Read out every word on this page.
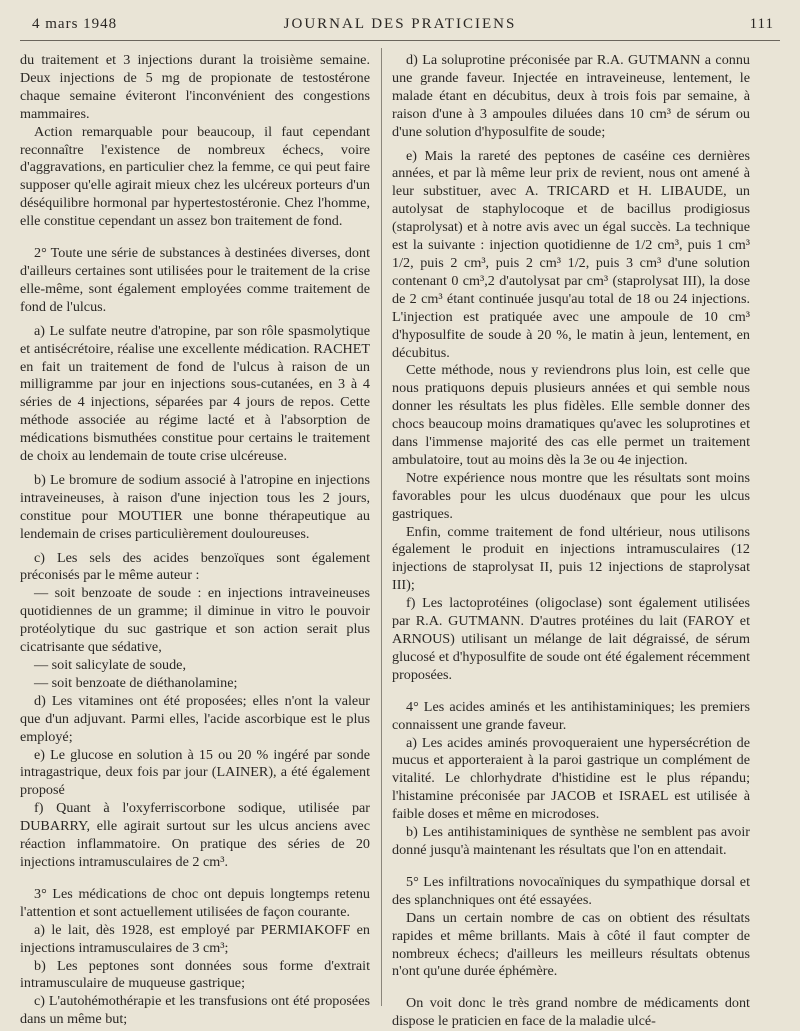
4 mars 1948	JOURNAL DES PRATICIENS	111

du traitement et 3 injections durant la troisième semaine. Deux injections de 5 mg de propionate de testostérone chaque semaine éviteront l'inconvénient des congestions mammaires.

Action remarquable pour beaucoup, il faut cependant reconnaître l'existence de nombreux échecs, voire d'aggravations, en particulier chez la femme, ce qui peut faire supposer qu'elle agirait mieux chez les ulcéreux porteurs d'un déséquilibre hormonal par hypertestostéronie. Chez l'homme, elle constitue cependant un assez bon traitement de fond.

2° Toute une série de substances à destinées diverses, dont d'ailleurs certaines sont utilisées pour le traitement de la crise elle-même, sont également employées comme traitement de fond de l'ulcus.

a) Le sulfate neutre d'atropine, par son rôle spasmolytique et antisécrétoire, réalise une excellente médication. RACHET en fait un traitement de fond de l'ulcus à raison de un milligramme par jour en injections sous-cutanées, en 3 à 4 séries de 4 injections, séparées par 4 jours de repos. Cette méthode associée au régime lacté et à l'absorption de médications bismuthées constitue pour certains le traitement de choix au lendemain de toute crise ulcéreuse.

b) Le bromure de sodium associé à l'atropine en injections intraveineuses, à raison d'une injection tous les 2 jours, constitue pour MOUTIER une bonne thérapeutique au lendemain de crises particulièrement douloureuses.

c) Les sels des acides benzoïques sont également préconisés par le même auteur :

— soit benzoate de soude : en injections intraveineuses quotidiennes de un gramme; il diminue in vitro le pouvoir protéolytique du suc gastrique et son action serait plus cicatrisante que sédative,

— soit salicylate de soude,

— soit benzoate de diéthanolamine;

d) Les vitamines ont été proposées; elles n'ont la valeur que d'un adjuvant. Parmi elles, l'acide ascorbique est le plus employé;

e) Le glucose en solution à 15 ou 20 % ingéré par sonde intragastrique, deux fois par jour (LAINER), a été également proposé

f) Quant à l'oxyferriscorbone sodique, utilisée par DUBARRY, elle agirait surtout sur les ulcus anciens avec réaction inflammatoire. On pratique des séries de 20 injections intramusculaires de 2 cm³.

3° Les médications de choc ont depuis longtemps retenu l'attention et sont actuellement utilisées de façon courante.

a) le lait, dès 1928, est employé par PERMIAKOFF en injections intramusculaires de 3 cm³;

b) Les peptones sont données sous forme d'extrait intramusculaire de muqueuse gastrique;

c) L'autohémothérapie et les transfusions ont été proposées dans un même but;

d) La soluprotine préconisée par R.A. GUTMANN a connu une grande faveur. Injectée en intraveineuse, lentement, le malade étant en décubitus, deux à trois fois par semaine, à raison d'une à 3 ampoules diluées dans 10 cm³ de sérum ou d'une solution d'hyposulfite de soude;

e) Mais la rareté des peptones de caséine ces dernières années, et par là même leur prix de revient, nous ont amené à leur substituer, avec A. TRICARD et H. LIBAUDE, un autolysat de staphylocoque et de bacillus prodigiosus (staprolysat) et à notre avis avec un égal succès. La technique est la suivante : injection quotidienne de 1/2 cm³, puis 1 cm³ 1/2, puis 2 cm³, puis 2 cm³ 1/2, puis 3 cm³ d'une solution contenant 0 cm³,2 d'autolysat par cm³ (staprolysat III), la dose de 2 cm³ étant continuée jusqu'au total de 18 ou 24 injections. L'injection est pratiquée avec une ampoule de 10 cm³ d'hyposulfite de soude à 20 %, le matin à jeun, lentement, en décubitus.

Cette méthode, nous y reviendrons plus loin, est celle que nous pratiquons depuis plusieurs années et qui semble nous donner les résultats les plus fidèles. Elle semble donner des chocs beaucoup moins dramatiques qu'avec les soluprotines et dans l'immense majorité des cas elle permet un traitement ambulatoire, tout au moins dès la 3e ou 4e injection.

Notre expérience nous montre que les résultats sont moins favorables pour les ulcus duodénaux que pour les ulcus gastriques.

Enfin, comme traitement de fond ultérieur, nous utilisons également le produit en injections intramusculaires (12 injections de staprolysat II, puis 12 injections de staprolysat III);

f) Les lactoprotéines (oligoclase) sont également utilisées par R.A. GUTMANN. D'autres protéines du lait (FAROY et ARNOUS) utilisant un mélange de lait dégraissé, de sérum glucosé et d'hyposulfite de soude ont été également récemment proposées.

4° Les acides aminés et les antihistaminiques; les premiers connaissent une grande faveur.

a) Les acides aminés provoqueraient une hypersécrétion de mucus et apporteraient à la paroi gastrique un complément de vitalité. Le chlorhydrate d'histidine est le plus répandu; l'histamine préconisée par JACOB et ISRAEL est utilisée à faible doses et même en microdoses.

b) Les antihistaminiques de synthèse ne semblent pas avoir donné jusqu'à maintenant les résultats que l'on en attendait.

5° Les infiltrations novocaïniques du sympathique dorsal et des splanchniques ont été essayées.

Dans un certain nombre de cas on obtient des résultats rapides et même brillants. Mais à côté il faut compter de nombreux échecs; d'ailleurs les meilleurs résultats obtenus n'ont qu'une durée éphémère.

On voit donc le très grand nombre de médicaments dont dispose le praticien en face de la maladie ulcé-
